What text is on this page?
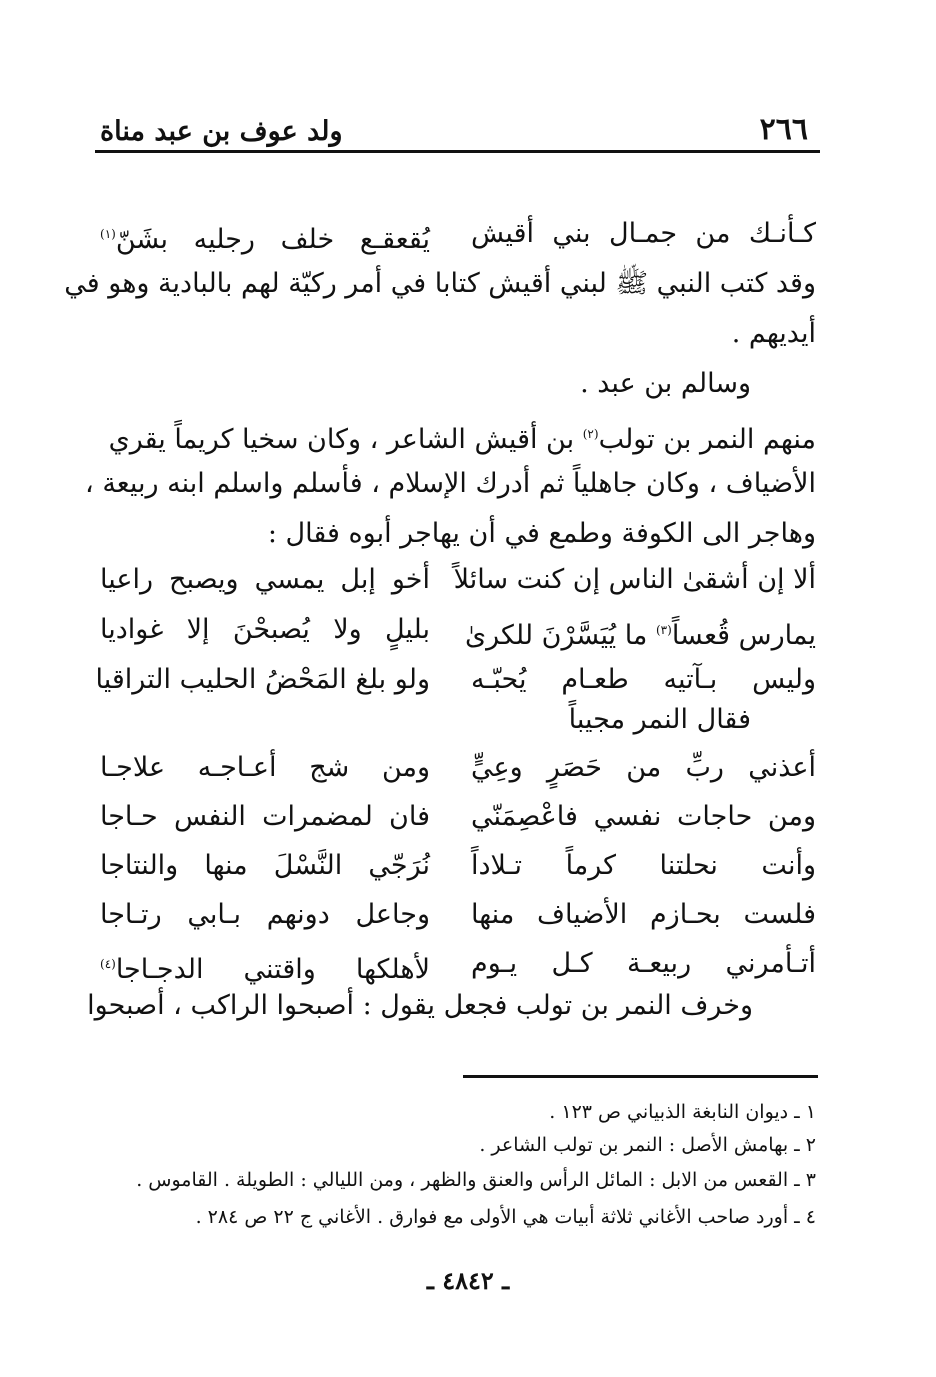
٢٦٦
ولد عوف بن عبد مناة
كـأنـك من جمـال بني أقيش
يُقعقـع خلف رجليه بشَنّ$^{(١)}$
وقد كتب النبي ﷺ لبني أقيش كتابا في أمر ركيّة لهم بالبادية وهو في
أيديهم .
وسالم بن عبد .
منهم النمر بن تولب$^{(٢)}$ بن أقيش الشاعر ، وكان سخيا كريماً يقري
الأضياف ، وكان جاهلياً ثم أدرك الإسلام ، فأسلم واسلم ابنه ربيعة ،
وهاجر الى الكوفة وطمع في أن يهاجر أبوه فقال :
ألا إن أشقىٰ الناس إن كنت سائلاً
أخو إبل يمسي ويصبح راعيا
يمارس قُعساً$^{(٣)}$ ما يُيَسَّرْنَ للكرىٰ
بليلٍ ولا يُصبحْنَ إلا غواديا
وليس بـآتيه طعـام يُحبّـه
ولو بلغ المَحْضُ الحليب التراقيا
فقال النمر مجيباً
أعذني ربِّ من حَصَرٍ وعِيٍّ
ومن شج أعـاجـه علاجـا
ومن حاجات نفسي فاعْصِمَنّي
فان لمضمرات النفس حـاجا
وأنت نحلتنا كرماً تـلاداً
نُرَجّي النَّسْلَ منها والنتاجا
فلست بحـازم الأضياف منها
وجاعل دونهم بـابي رتـاجا
أتـأمرني ربيعـة كـل يـوم
لأهلكها واقتني الدجـاجا$^{(٤)}$
وخرف النمر بن تولب فجعل يقول : أصبحوا الراكب ، أصبحوا
١ ـ ديوان النابغة الذبياني ص ١٢٣ .
٢ ـ بهامش الأصل : النمر بن تولب الشاعر .
٣ ـ القعس من الابل : المائل الرأس والعنق والظهر ، ومن الليالي : الطويلة . القاموس .
٤ ـ أورد صاحب الأغاني ثلاثة أبيات هي الأولى مع فوارق . الأغاني ج ٢٢ ص ٢٨٤ .
ـ ٤٨٤٢ ـ
